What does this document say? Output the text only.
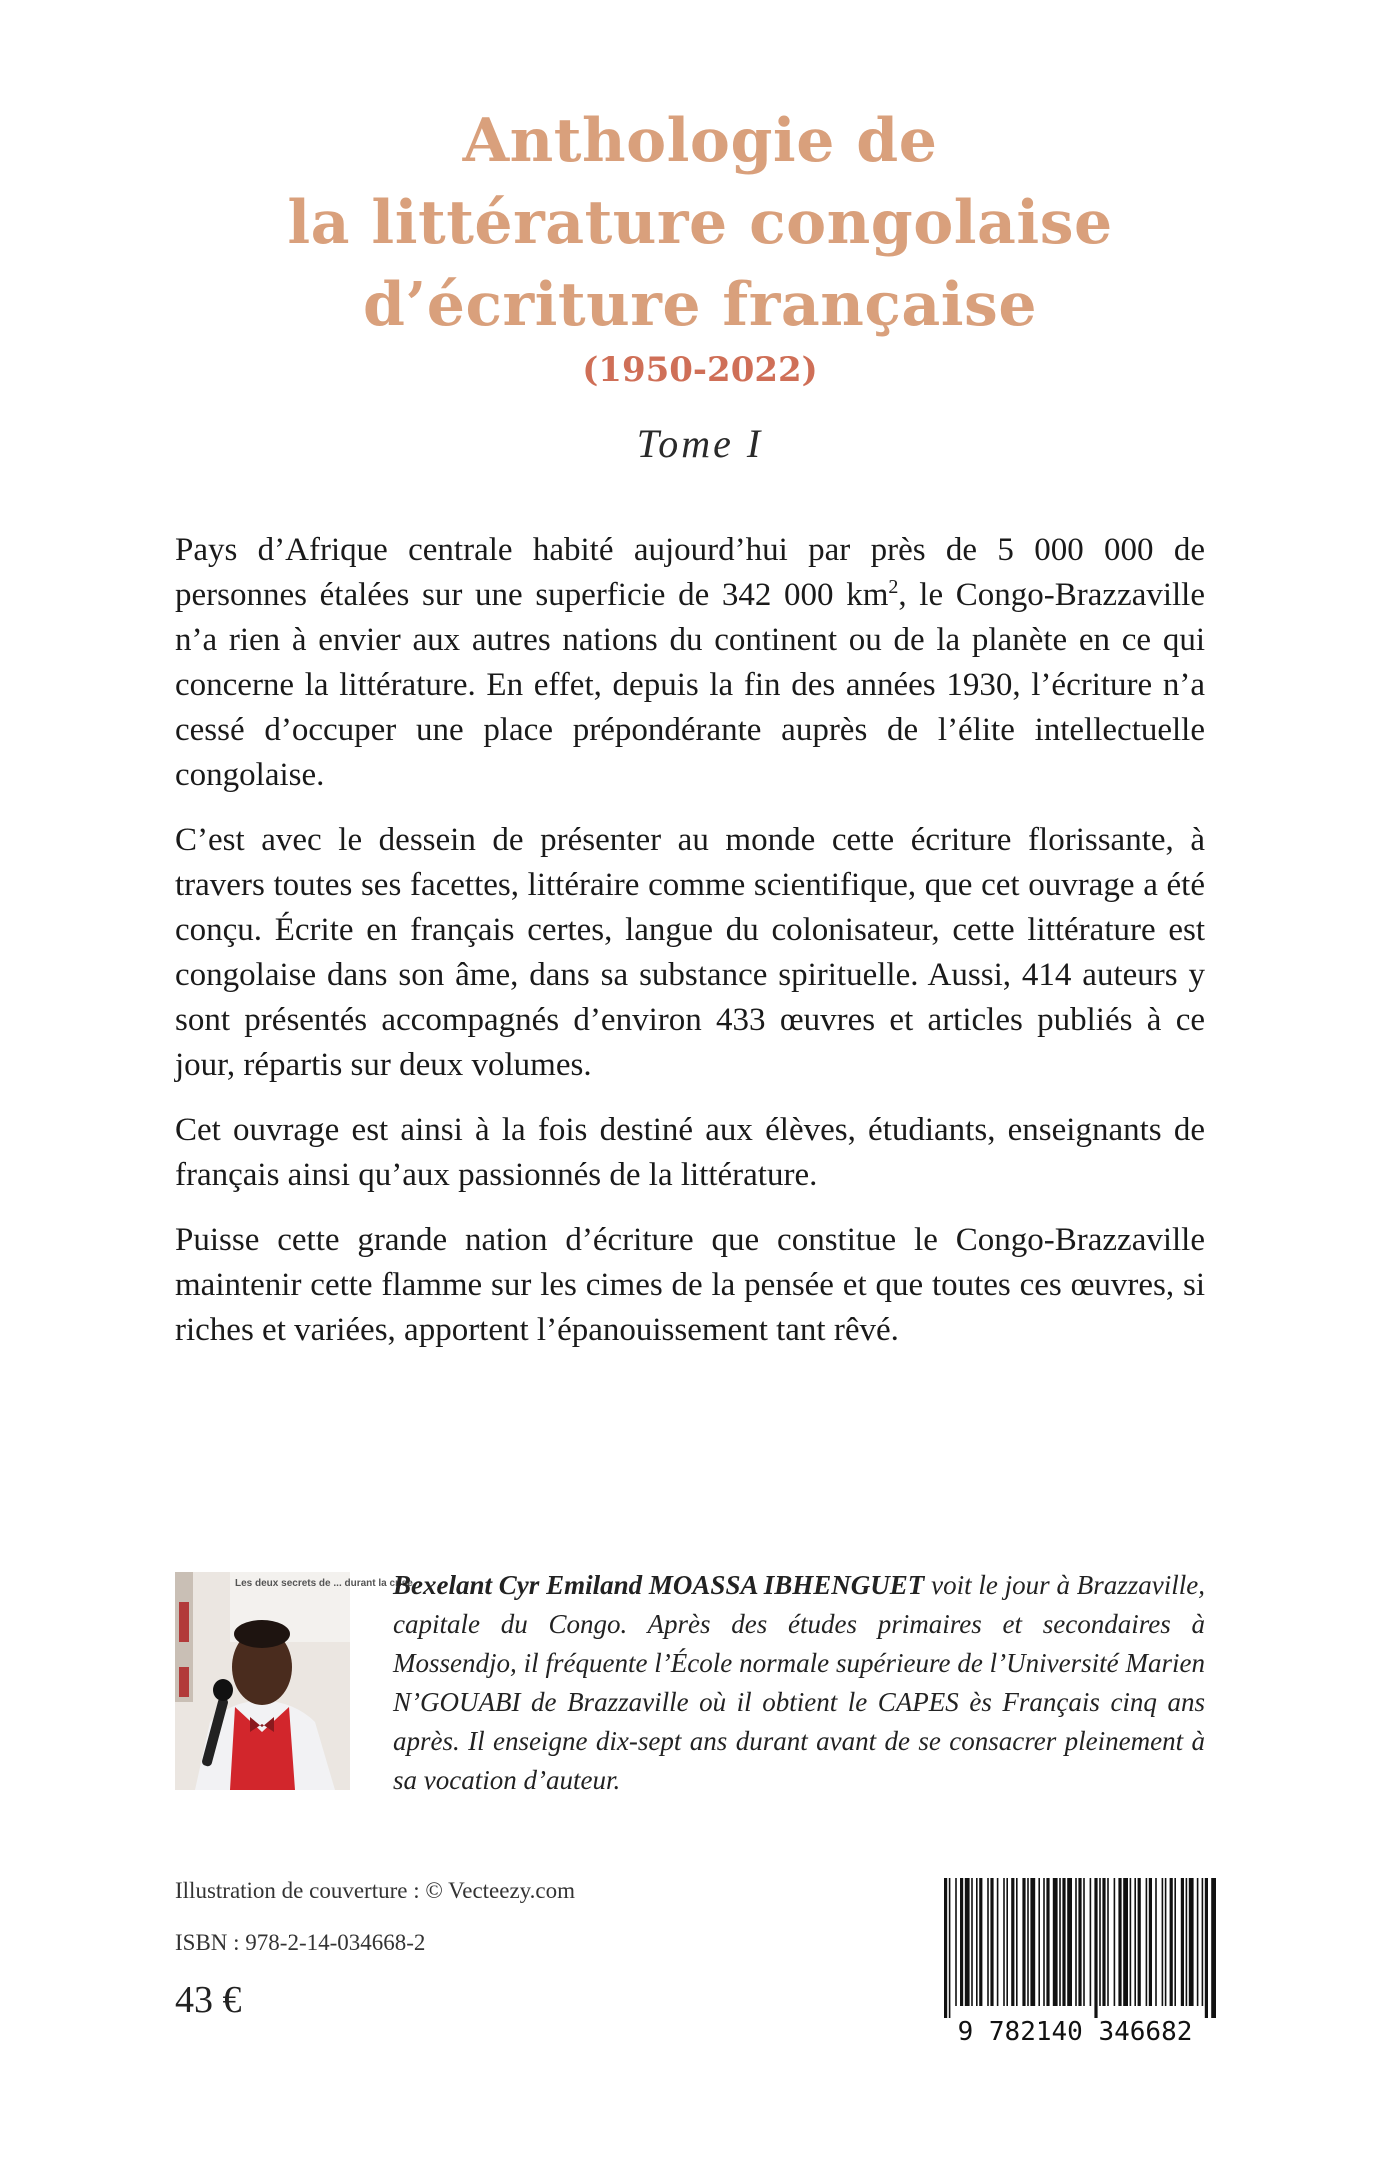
Anthologie de
la littérature congolaise
d’écriture française
(1950-2022)
Tome I

Pays d’Afrique centrale habité aujourd’hui par près de 5 000 000 de personnes étalées sur une superficie de 342 000 $km^2$, le Congo-Brazzaville n’a rien à envier aux autres nations du continent ou de la planète en ce qui concerne la littérature. En effet, depuis la fin des années 1930, l’écriture n’a cessé d’occuper une place prépondérante auprès de l’élite intellectuelle congolaise.

C’est avec le dessein de présenter au monde cette écriture florissante, à travers toutes ses facettes, littéraire comme scientifique, que cet ouvrage a été conçu. Écrite en français certes, langue du colonisateur, cette littérature est congolaise dans son âme, dans sa substance spirituelle. Aussi, 414 auteurs y sont présentés accompagnés d’environ 433 œuvres et articles publiés à ce jour, répartis sur deux volumes.

Cet ouvrage est ainsi à la fois destiné aux élèves, étudiants, enseignants de français ainsi qu’aux passionnés de la littérature.

Puisse cette grande nation d’écriture que constitue le Congo-Brazzaville maintenir cette flamme sur les cimes de la pensée et que toutes ces œuvres, si riches et variées, apportent l’épanouissement tant rêvé.

Les deux secrets de ... durant la crise
Bexelant Cyr Emiland MOASSA IBHENGUET voit le jour à Brazzaville, capitale du Congo. Après des études primaires et secondaires à Mossendjo, il fréquente l’École normale supérieure de l’Université Marien N’GOUABI de Brazzaville où il obtient le CAPES ès Français cinq ans après. Il enseigne dix-sept ans durant avant de se consacrer pleinement à sa vocation d’auteur.
Illustration de couverture : © Vecteezy.com
ISBN : 978-2-14-034668-2
43 €
9 782140 346682
